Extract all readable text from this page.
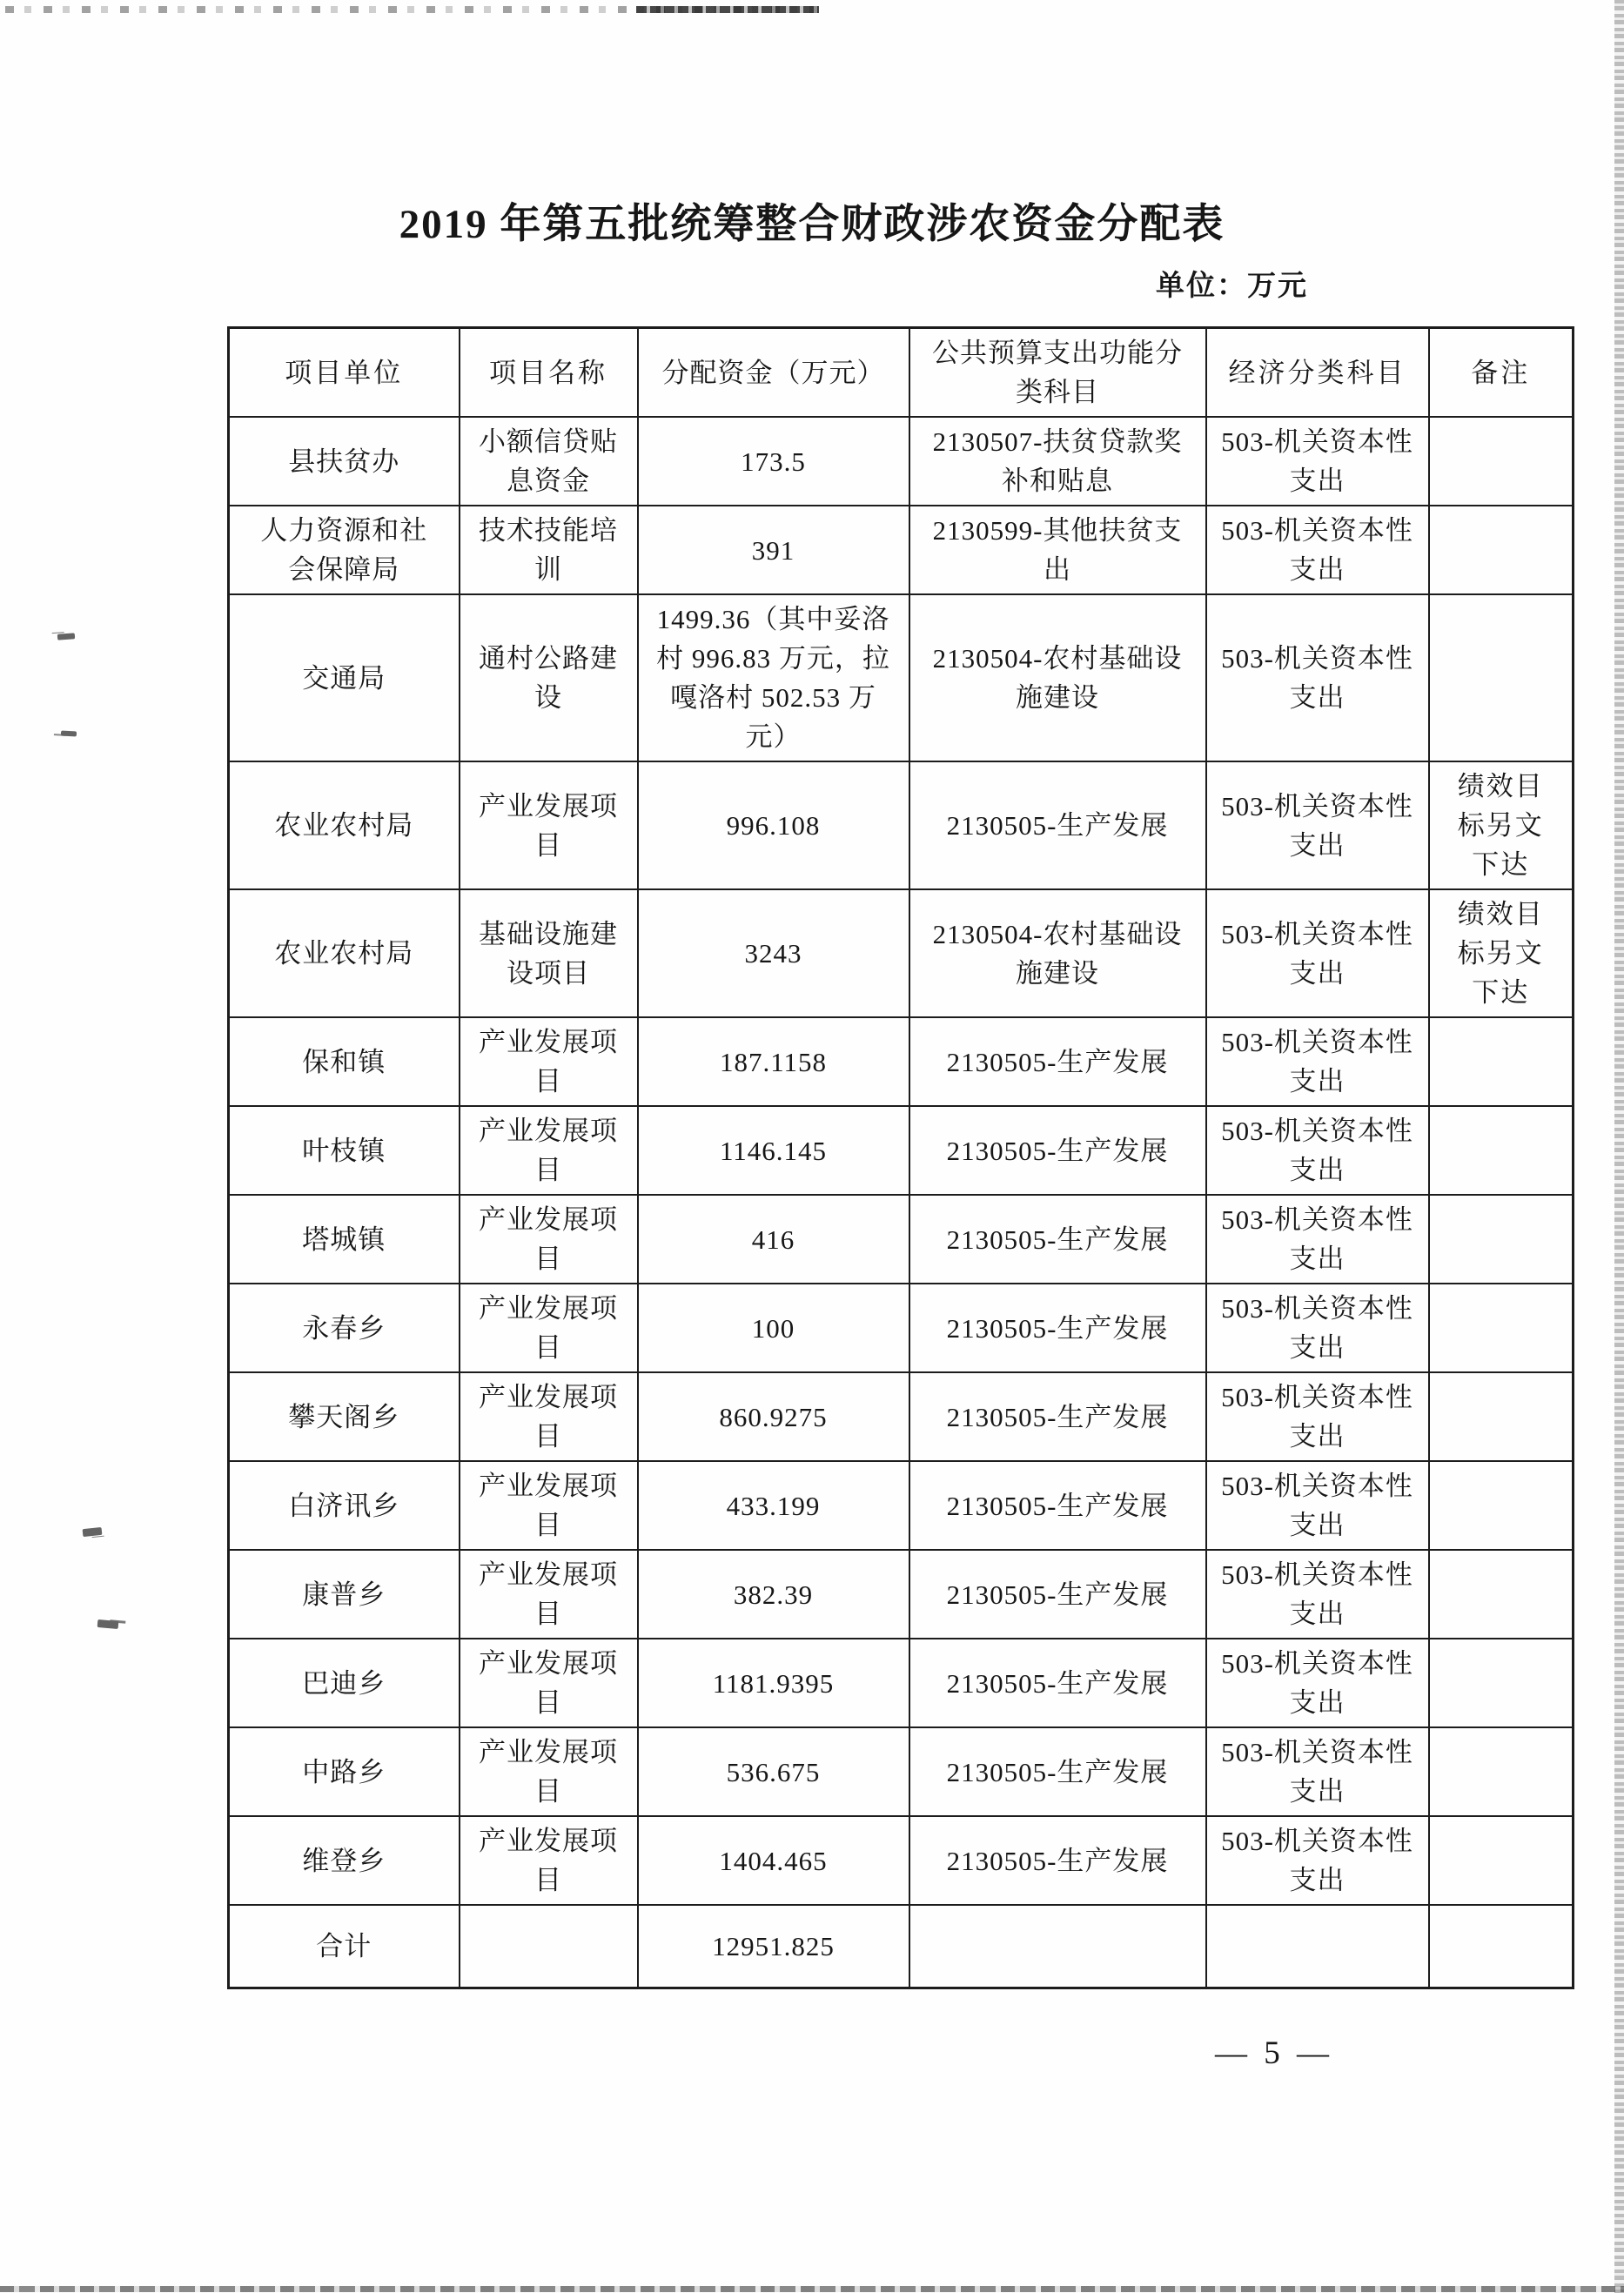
2019 年第五批统筹整合财政涉农资金分配表
单位：万元
项目单位	项目名称	分配资金（万元）	公共预算支出功能分类科目	经济分类科目	备注
县扶贫办	小额信贷贴息资金	173.5	2130507-扶贫贷款奖补和贴息	503-机关资本性支出	
人力资源和社会保障局	技术技能培训	391	2130599-其他扶贫支出	503-机关资本性支出	
交通局	通村公路建设	1499.36（其中妥洛村 996.83 万元，拉嘎洛村 502.53 万元）	2130504-农村基础设施建设	503-机关资本性支出	
农业农村局	产业发展项目	996.108	2130505-生产发展	503-机关资本性支出	绩效目标另文下达
农业农村局	基础设施建设项目	3243	2130504-农村基础设施建设	503-机关资本性支出	绩效目标另文下达
保和镇	产业发展项目	187.1158	2130505-生产发展	503-机关资本性支出	
叶枝镇	产业发展项目	1146.145	2130505-生产发展	503-机关资本性支出	
塔城镇	产业发展项目	416	2130505-生产发展	503-机关资本性支出	
永春乡	产业发展项目	100	2130505-生产发展	503-机关资本性支出	
攀天阁乡	产业发展项目	860.9275	2130505-生产发展	503-机关资本性支出	
白济讯乡	产业发展项目	433.199	2130505-生产发展	503-机关资本性支出	
康普乡	产业发展项目	382.39	2130505-生产发展	503-机关资本性支出	
巴迪乡	产业发展项目	1181.9395	2130505-生产发展	503-机关资本性支出	
中路乡	产业发展项目	536.675	2130505-生产发展	503-机关资本性支出	
维登乡	产业发展项目	1404.465	2130505-生产发展	503-机关资本性支出	
合计		12951.825			
— 5 —
